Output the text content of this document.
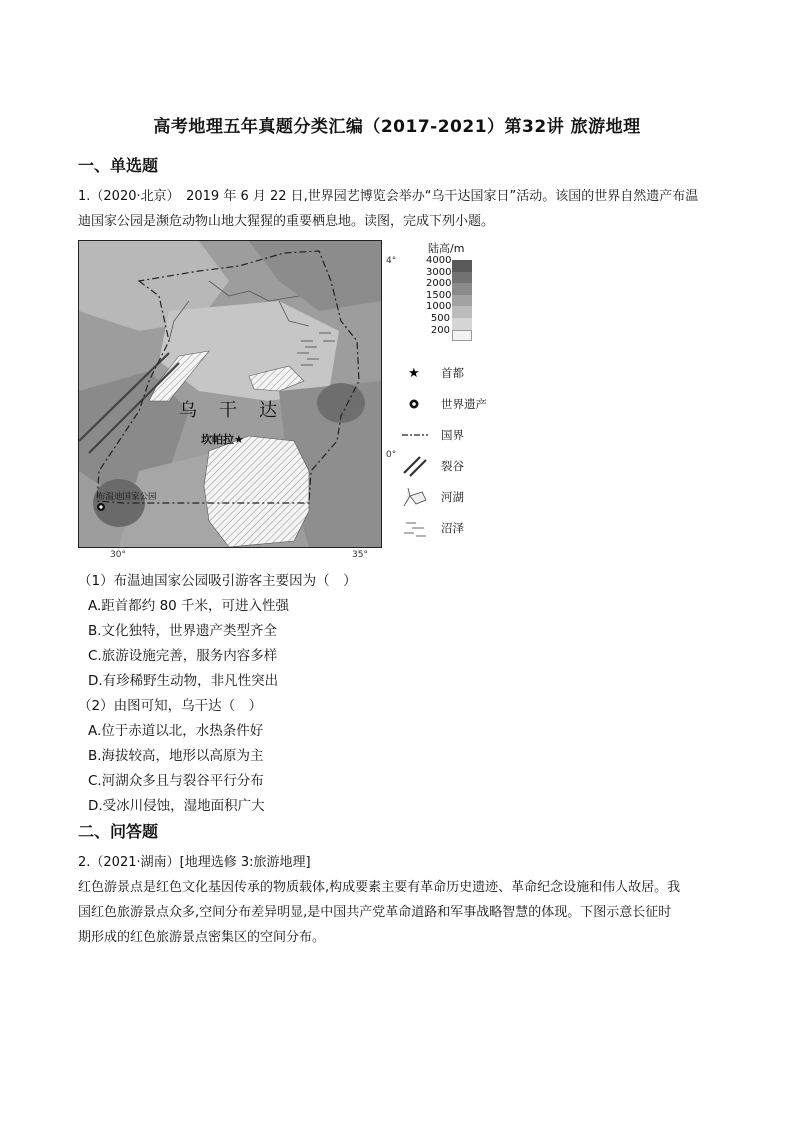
高考地理五年真题分类汇编（2017-2021）第32讲 旅游地理
一、单选题

1.（2020·北京）　2019 年 6 月 22 日,世界园艺博览会举办“乌干达国家日”活动。该国的世界自然遗产布温

迪国家公园是濒危动物山地大猩猩的重要栖息地。读图，完成下列小题。

乌　干　达
坎帕拉★
布温迪国家公园
4°
0°
30°	35°
陆高/m
4000
3000
2000
1500
1000
500
200
★ 首都
世界遗产
国界
裂谷
河湖
沼泽
（1）布温迪国家公园吸引游客主要因为（　）
A.距首都约 80 千米，可进入性强
B.文化独特，世界遗产类型齐全
C.旅游设施完善，服务内容多样
D.有珍稀野生动物，非凡性突出
（2）由图可知，乌干达（　）
A.位于赤道以北，水热条件好
B.海拔较高，地形以高原为主
C.河湖众多且与裂谷平行分布
D.受冰川侵蚀，湿地面积广大
二、问答题

2.（2021·湖南）[地理选修 3:旅游地理]

红色游景点是红色文化基因传承的物质载体,构成要素主要有革命历史遗迹、革命纪念设施和伟人故居。我

国红色旅游景点众多,空间分布差异明显,是中国共产党革命道路和军事战略智慧的体现。下图示意长征时

期形成的红色旅游景点密集区的空间分布。
